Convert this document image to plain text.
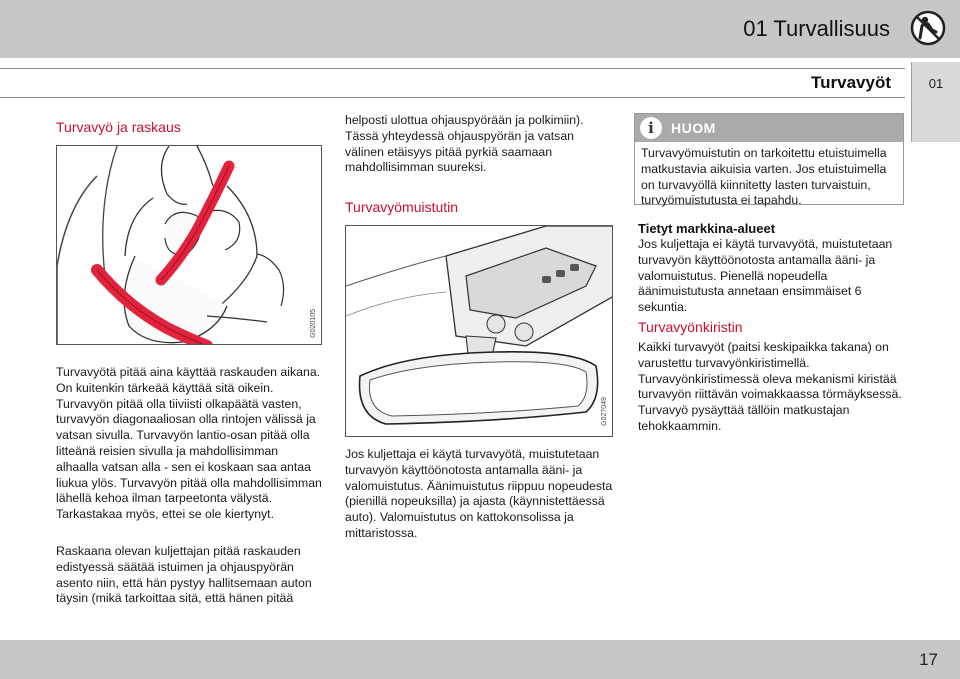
01 Turvallisuus
Turvavyöt	01
Turvavyö ja raskaus
G020105
Turvavyötä pitää aina käyttää raskauden aikana. On kuitenkin tärkeää käyttää sitä oikein. Turvavyön pitää olla tiiviisti olkapäätä vasten, turvavyön diagonaaliosan olla rintojen välissä ja vatsan sivulla. Turvavyön lantio-osan pitää olla litteänä reisien sivulla ja mahdollisimman alhaalla vatsan alla - sen ei koskaan saa antaa liukua ylös. Turvavyön pitää olla mahdollisimman lähellä kehoa ilman tarpeetonta välystä. Tarkastakaa myös, ettei se ole kiertynyt.
Raskaana olevan kuljettajan pitää raskauden edistyessä säätää istuimen ja ohjauspyörän asento niin, että hän pystyy hallitsemaan auton täysin (mikä tarkoittaa sitä, että hänen pitää
helposti ulottua ohjauspyörään ja polkimiin). Tässä yhteydessä ohjauspyörän ja vatsan välinen etäisyys pitää pyrkiä saamaan mahdollisimman suureksi.
Turvavyömuistutin
G027049
Jos kuljettaja ei käytä turvavyötä, muistutetaan turvavyön käyttöönotosta antamalla ääni- ja valomuistutus. Äänimuistutus riippuu nopeudesta (pienillä nopeuksilla) ja ajasta (käynnistettäessä auto). Valomuistutus on kattokonsolissa ja mittaristossa.
i	HUOM
Turvavyömuistutin on tarkoitettu etuistuimella matkustavia aikuisia varten. Jos etuistuimella on turvavyöllä kiinnitetty lasten turvaistuin, turvyömuistutusta ei tapahdu.
Tietyt markkina-alueet
Jos kuljettaja ei käytä turvavyötä, muistutetaan turvavyön käyttöönotosta antamalla ääni- ja valomuistutus. Pienellä nopeudella äänimuistutusta annetaan ensimmäiset 6 sekuntia.
Turvavyönkiristin
Kaikki turvavyöt (paitsi keskipaikka takana) on varustettu turvavyönkiristimellä. Turvavyönkiristimessä oleva mekanismi kiristää turvavyön riittävän voimakkaassa törmäyksessä. Turvavyö pysäyttää tällöin matkustajan tehokkaammin.
17
